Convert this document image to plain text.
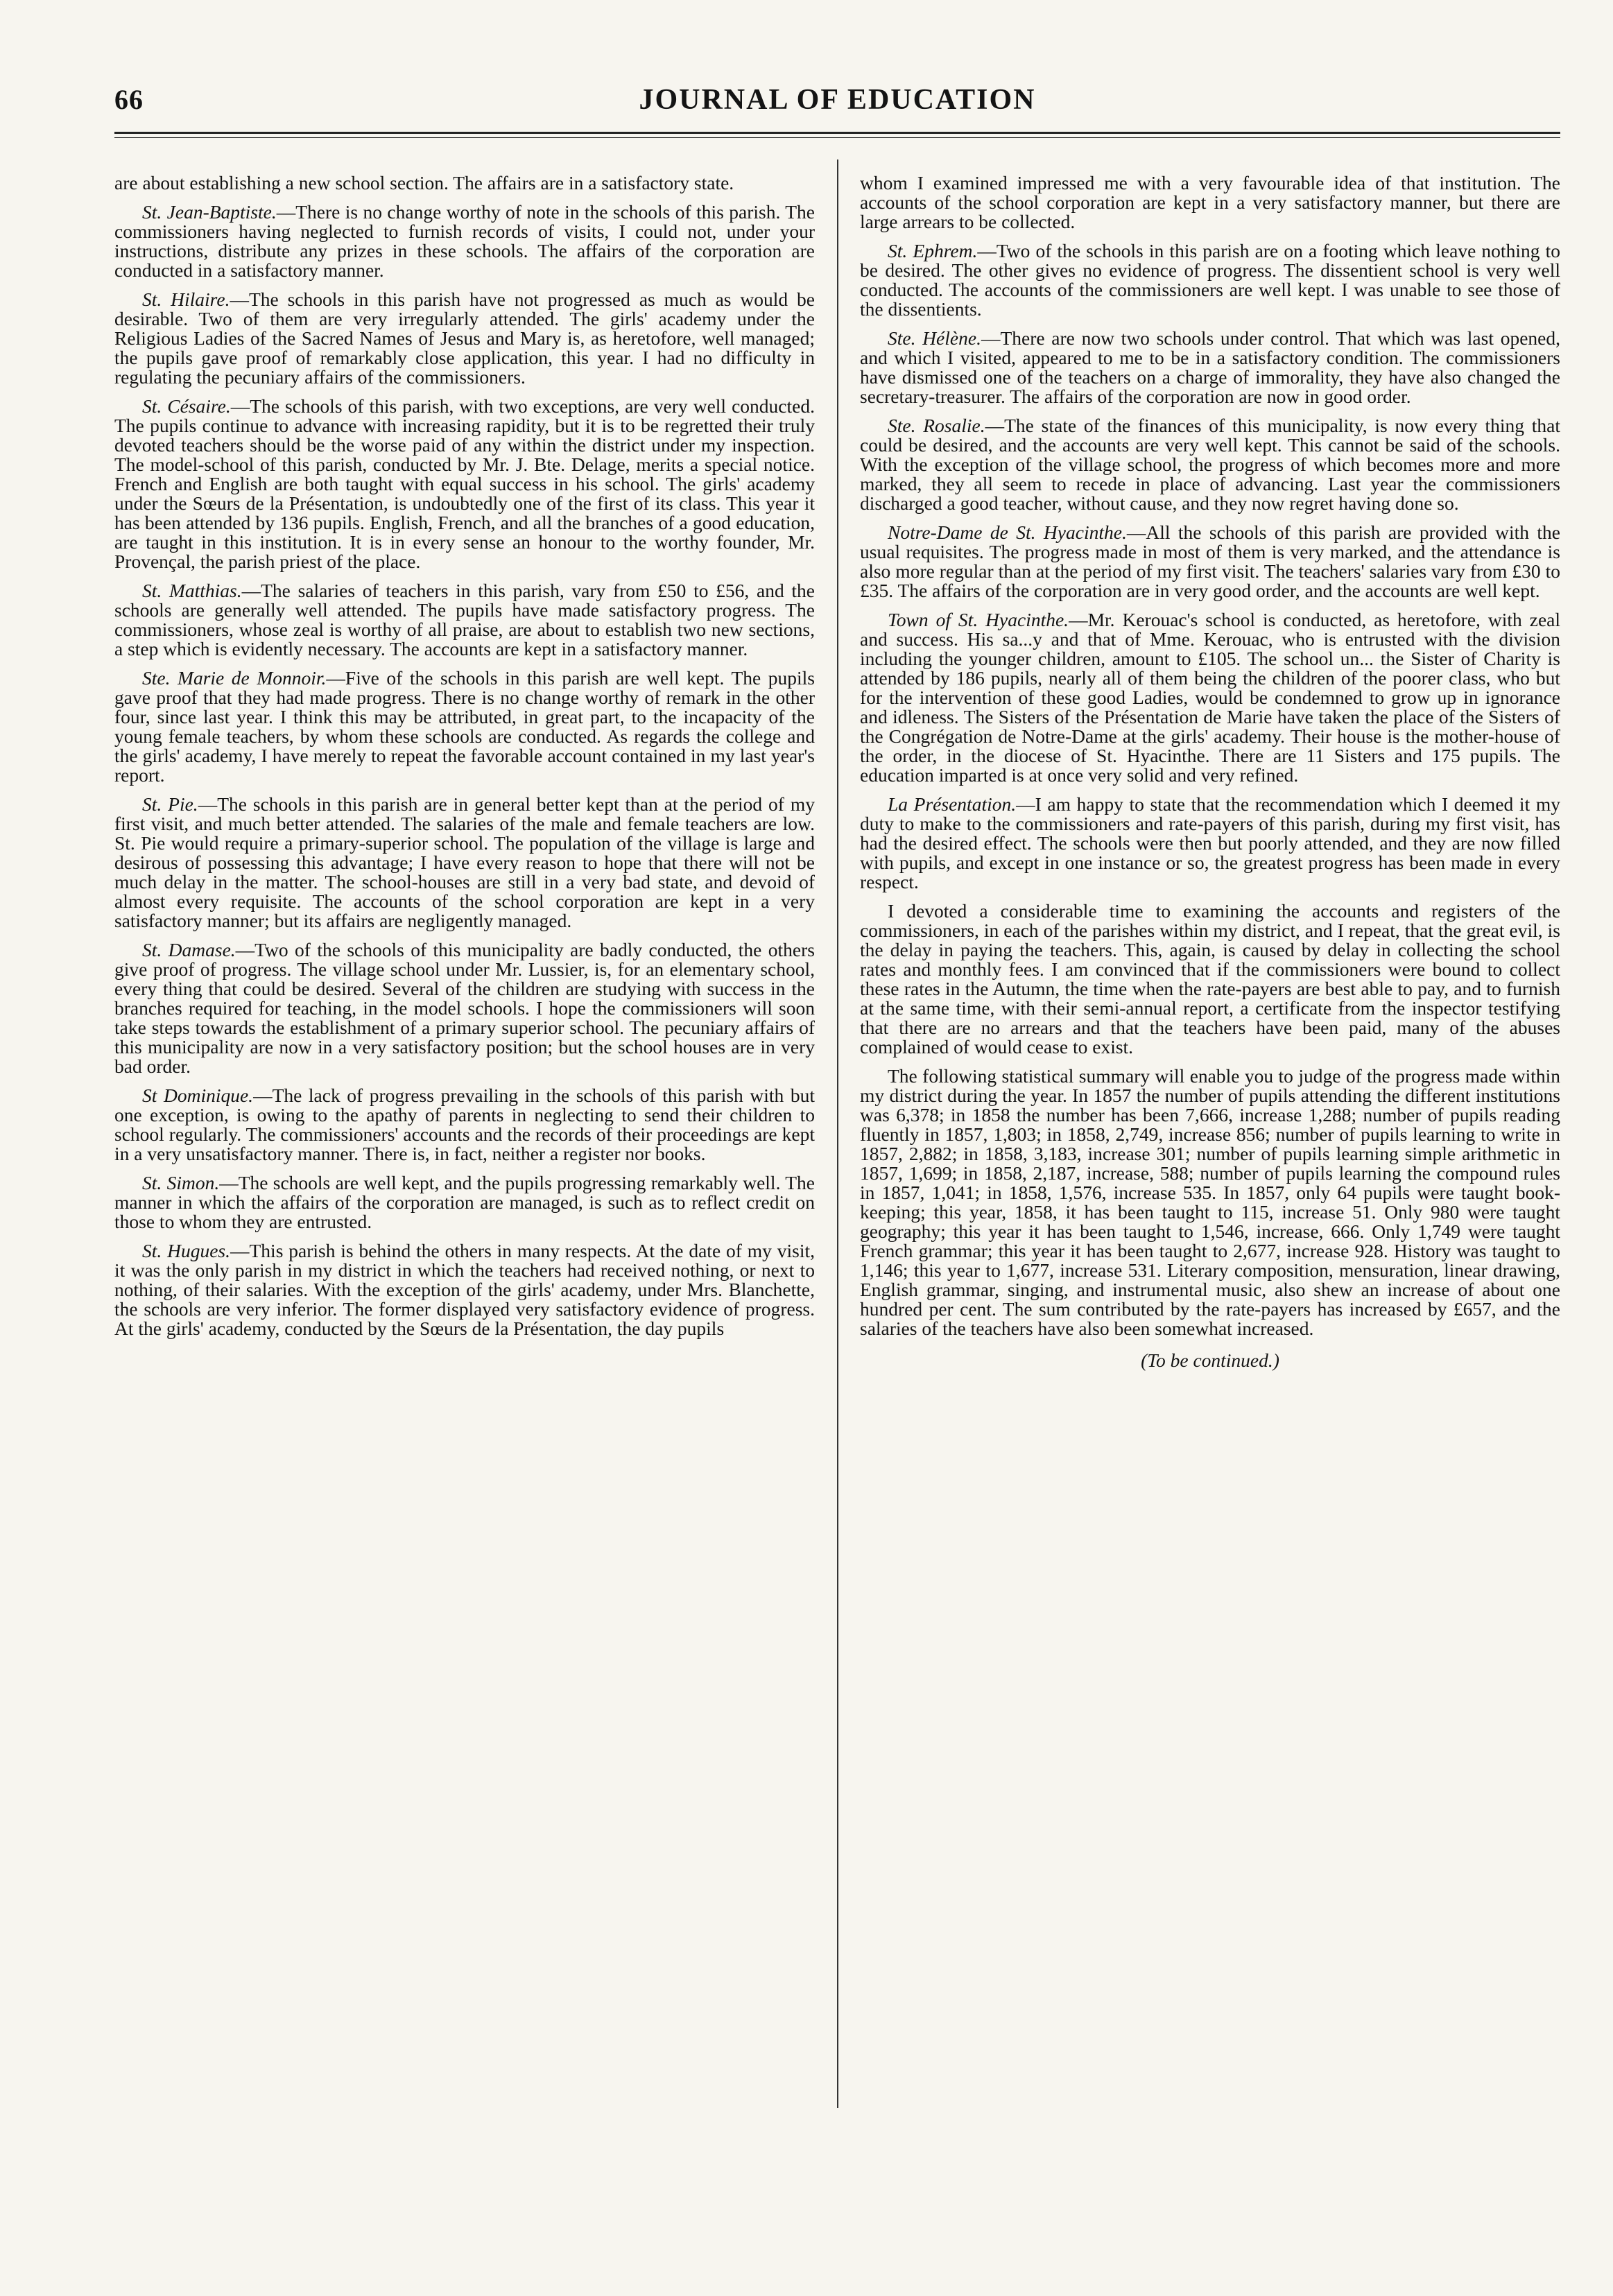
66	JOURNAL OF EDUCATION

are about establishing a new school section. The affairs are in a satisfactory state.

St. Jean-Baptiste.—There is no change worthy of note in the schools of this parish. The commissioners having neglected to furnish records of visits, I could not, under your instructions, distribute any prizes in these schools. The affairs of the corporation are conducted in a satisfactory manner.

St. Hilaire.—The schools in this parish have not progressed as much as would be desirable. Two of them are very irregularly attended. The girls' academy under the Religious Ladies of the Sacred Names of Jesus and Mary is, as heretofore, well managed; the pupils gave proof of remarkably close application, this year. I had no difficulty in regulating the pecuniary affairs of the commissioners.

St. Césaire.—The schools of this parish, with two exceptions, are very well conducted. The pupils continue to advance with increasing rapidity, but it is to be regretted their truly devoted teachers should be the worse paid of any within the district under my inspection. The model-school of this parish, conducted by Mr. J. Bte. Delage, merits a special notice. French and English are both taught with equal success in his school. The girls' academy under the Sœurs de la Présentation, is undoubtedly one of the first of its class. This year it has been attended by 136 pupils. English, French, and all the branches of a good education, are taught in this institution. It is in every sense an honour to the worthy founder, Mr. Provençal, the parish priest of the place.

St. Matthias.—The salaries of teachers in this parish, vary from £50 to £56, and the schools are generally well attended. The pupils have made satisfactory progress. The commissioners, whose zeal is worthy of all praise, are about to establish two new sections, a step which is evidently necessary. The accounts are kept in a satisfactory manner.

Ste. Marie de Monnoir.—Five of the schools in this parish are well kept. The pupils gave proof that they had made progress. There is no change worthy of remark in the other four, since last year. I think this may be attributed, in great part, to the incapacity of the young female teachers, by whom these schools are conducted. As regards the college and the girls' academy, I have merely to repeat the favorable account contained in my last year's report.

St. Pie.—The schools in this parish are in general better kept than at the period of my first visit, and much better attended. The salaries of the male and female teachers are low. St. Pie would require a primary-superior school. The population of the village is large and desirous of possessing this advantage; I have every reason to hope that there will not be much delay in the matter. The school-houses are still in a very bad state, and devoid of almost every requisite. The accounts of the school corporation are kept in a very satisfactory manner; but its affairs are negligently managed.

St. Damase.—Two of the schools of this municipality are badly conducted, the others give proof of progress. The village school under Mr. Lussier, is, for an elementary school, every thing that could be desired. Several of the children are studying with success in the branches required for teaching, in the model schools. I hope the commissioners will soon take steps towards the establishment of a primary superior school. The pecuniary affairs of this municipality are now in a very satisfactory position; but the school houses are in very bad order.

St Dominique.—The lack of progress prevailing in the schools of this parish with but one exception, is owing to the apathy of parents in neglecting to send their children to school regularly. The commissioners' accounts and the records of their proceedings are kept in a very unsatisfactory manner. There is, in fact, neither a register nor books.

St. Simon.—The schools are well kept, and the pupils progressing remarkably well. The manner in which the affairs of the corporation are managed, is such as to reflect credit on those to whom they are entrusted.

St. Hugues.—This parish is behind the others in many respects. At the date of my visit, it was the only parish in my district in which the teachers had received nothing, or next to nothing, of their salaries. With the exception of the girls' academy, under Mrs. Blanchette, the schools are very inferior. The former displayed very satisfactory evidence of progress. At the girls' academy, conducted by the Sœurs de la Présentation, the day pupils

whom I examined impressed me with a very favourable idea of that institution. The accounts of the school corporation are kept in a very satisfactory manner, but there are large arrears to be collected.

St. Ephrem.—Two of the schools in this parish are on a footing which leave nothing to be desired. The other gives no evidence of progress. The dissentient school is very well conducted. The accounts of the commissioners are well kept. I was unable to see those of the dissentients.

Ste. Hélène.—There are now two schools under control. That which was last opened, and which I visited, appeared to me to be in a satisfactory condition. The commissioners have dismissed one of the teachers on a charge of immorality, they have also changed the secretary-treasurer. The affairs of the corporation are now in good order.

Ste. Rosalie.—The state of the finances of this municipality, is now every thing that could be desired, and the accounts are very well kept. This cannot be said of the schools. With the exception of the village school, the progress of which becomes more and more marked, they all seem to recede in place of advancing. Last year the commissioners discharged a good teacher, without cause, and they now regret having done so.

Notre-Dame de St. Hyacinthe.—All the schools of this parish are provided with the usual requisites. The progress made in most of them is very marked, and the attendance is also more regular than at the period of my first visit. The teachers' salaries vary from £30 to £35. The affairs of the corporation are in very good order, and the accounts are well kept.

Town of St. Hyacinthe.—Mr. Kerouac's school is conducted, as heretofore, with zeal and success. His sa...y and that of Mme. Kerouac, who is entrusted with the division including the younger children, amount to £105. The school un... the Sister of Charity is attended by 186 pupils, nearly all of them being the children of the poorer class, who but for the intervention of these good Ladies, would be condemned to grow up in ignorance and idleness. The Sisters of the Présentation de Marie have taken the place of the Sisters of the Congrégation de Notre-Dame at the girls' academy. Their house is the mother-house of the order, in the diocese of St. Hyacinthe. There are 11 Sisters and 175 pupils. The education imparted is at once very solid and very refined.

La Présentation.—I am happy to state that the recommendation which I deemed it my duty to make to the commissioners and rate-payers of this parish, during my first visit, has had the desired effect. The schools were then but poorly attended, and they are now filled with pupils, and except in one instance or so, the greatest progress has been made in every respect.

I devoted a considerable time to examining the accounts and registers of the commissioners, in each of the parishes within my district, and I repeat, that the great evil, is the delay in paying the teachers. This, again, is caused by delay in collecting the school rates and monthly fees. I am convinced that if the commissioners were bound to collect these rates in the Autumn, the time when the rate-payers are best able to pay, and to furnish at the same time, with their semi-annual report, a certificate from the inspector testifying that there are no arrears and that the teachers have been paid, many of the abuses complained of would cease to exist.

The following statistical summary will enable you to judge of the progress made within my district during the year. In 1857 the number of pupils attending the different institutions was 6,378; in 1858 the number has been 7,666, increase 1,288; number of pupils reading fluently in 1857, 1,803; in 1858, 2,749, increase 856; number of pupils learning to write in 1857, 2,882; in 1858, 3,183, increase 301; number of pupils learning simple arithmetic in 1857, 1,699; in 1858, 2,187, increase, 588; number of pupils learning the compound rules in 1857, 1,041; in 1858, 1,576, increase 535. In 1857, only 64 pupils were taught book-keeping; this year, 1858, it has been taught to 115, increase 51. Only 980 were taught geography; this year it has been taught to 1,546, increase, 666. Only 1,749 were taught French grammar; this year it has been taught to 2,677, increase 928. History was taught to 1,146; this year to 1,677, increase 531. Literary composition, mensuration, linear drawing, English grammar, singing, and instrumental music, also shew an increase of about one hundred per cent. The sum contributed by the rate-payers has increased by £657, and the salaries of the teachers have also been somewhat increased.

(To be continued.)
